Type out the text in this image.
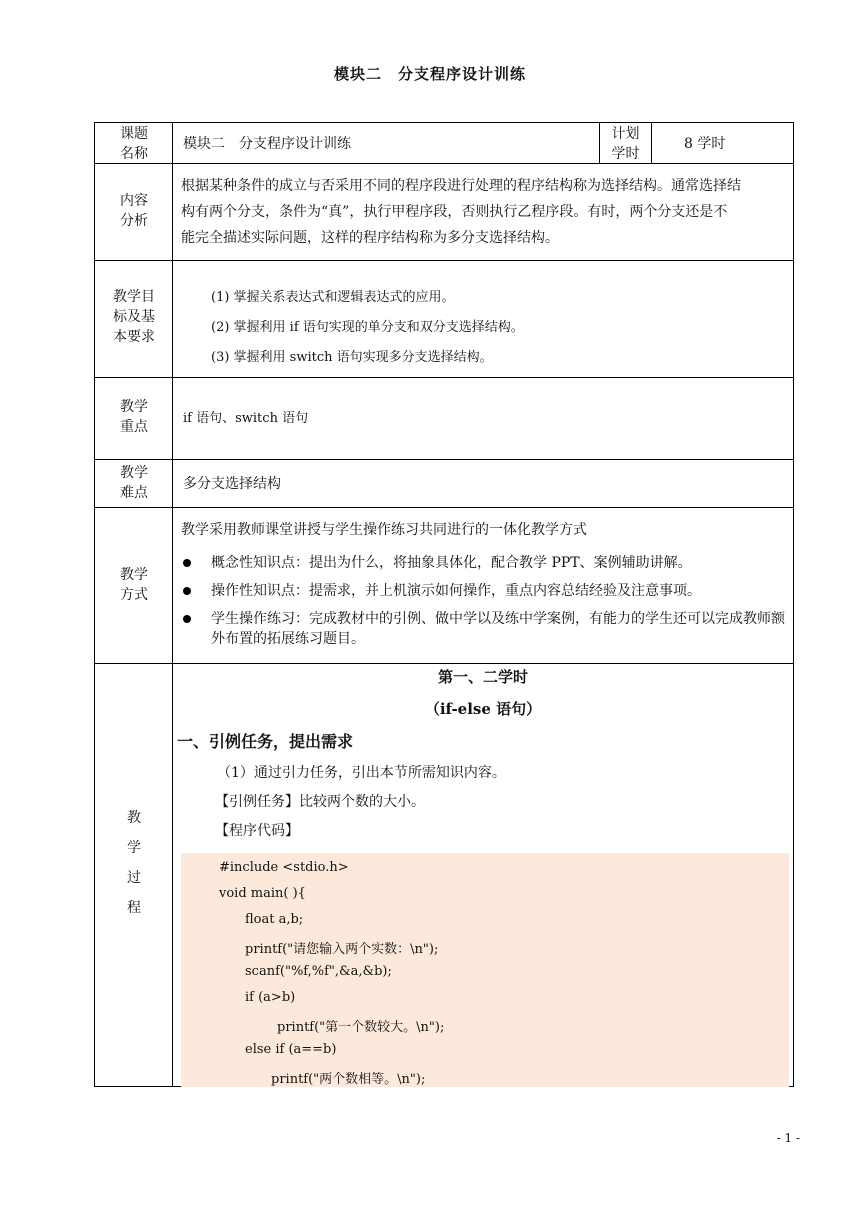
模块二　分支程序设计训练
课题
名称
模块二　分支程序设计训练
计划
学时
8 学时
内容
分析
根据某种条件的成立与否采用不同的程序段进行处理的程序结构称为选择结构。通常选择结
构有两个分支，条件为“真”，执行甲程序段，否则执行乙程序段。有时，两个分支还是不
能完全描述实际问题，这样的程序结构称为多分支选择结构。
教学目
标及基
本要求
(1) 掌握关系表达式和逻辑表达式的应用。
(2) 掌握利用 if 语句实现的单分支和双分支选择结构。
(3) 掌握利用 switch 语句实现多分支选择结构。
教学
重点
if 语句、switch 语句
教学
难点
多分支选择结构
教学
方式
教学采用教师课堂讲授与学生操作练习共同进行的一体化教学方式
概念性知识点：提出为什么，将抽象具体化，配合教学 PPT、案例辅助讲解。
操作性知识点：提需求，并上机演示如何操作，重点内容总结经验及注意事项。
学生操作练习：完成教材中的引例、做中学以及练中学案例，有能力的学生还可以完成教师额外布置的拓展练习题目。
教
学
过
程
第一、二学时
（if-else 语句）
一、引例任务，提出需求
（1）通过引力任务，引出本节所需知识内容。
【引例任务】比较两个数的大小。
【程序代码】
#include <stdio.h>
void main( ){
float a,b;
printf("请您输入两个实数：\n");
scanf("%f,%f",&a,&b);
if (a>b)
printf("第一个数较大。\n");
else if (a==b)
printf("两个数相等。\n");
- 1 -
